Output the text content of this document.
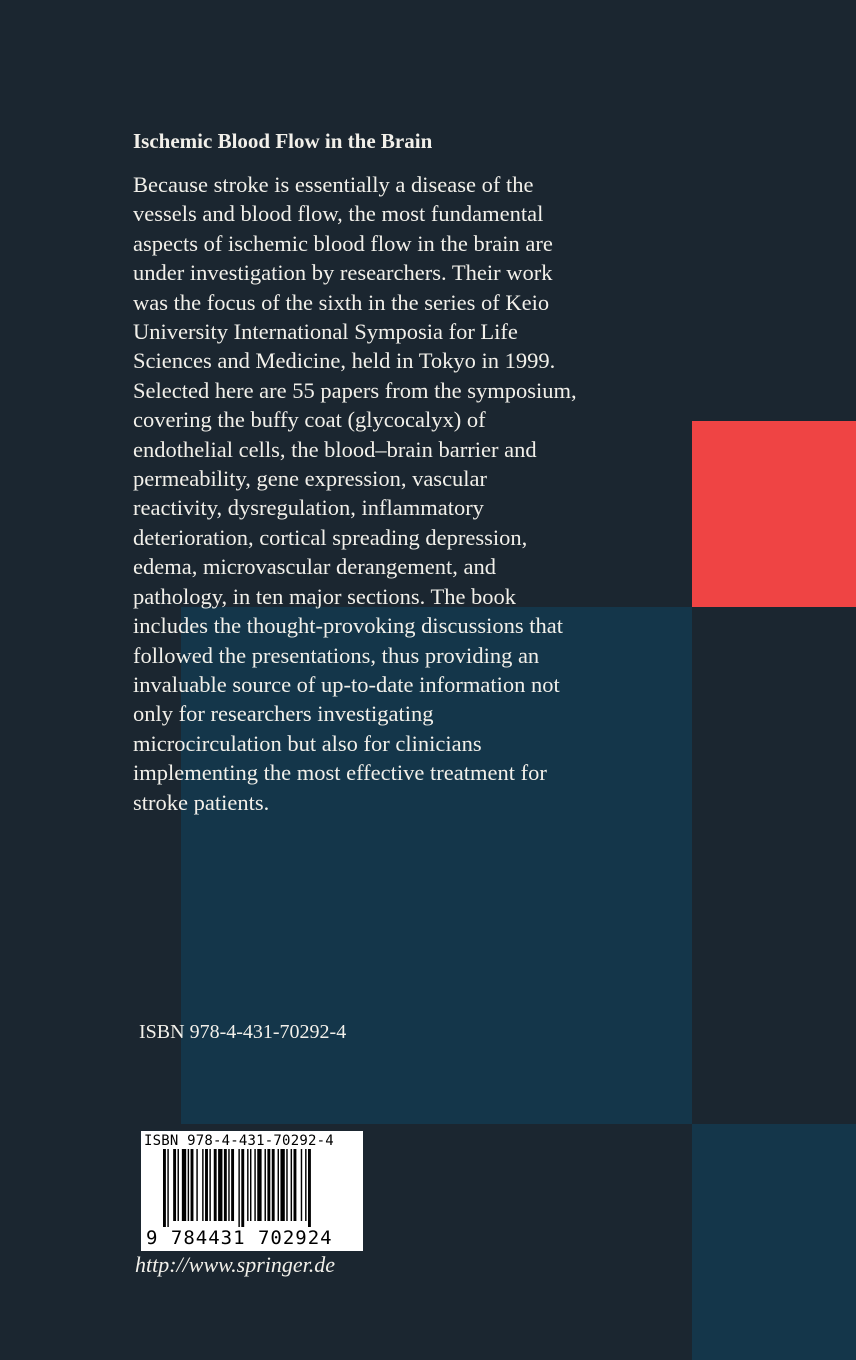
Ischemic Blood Flow in the Brain

Because stroke is essentially a disease of the
vessels and blood flow, the most fundamental
aspects of ischemic blood flow in the brain are
under investigation by researchers. Their work
was the focus of the sixth in the series of Keio
University International Symposia for Life
Sciences and Medicine, held in Tokyo in 1999.
Selected here are 55 papers from the symposium,
covering the buffy coat (glycocalyx) of
endothelial cells, the blood–brain barrier and
permeability, gene expression, vascular
reactivity, dysregulation, inflammatory
deterioration, cortical spreading depression,
edema, microvascular derangement, and
pathology, in ten major sections. The book
includes the thought-provoking discussions that
followed the presentations, thus providing an
invaluable source of up-to-date information not
only for researchers investigating
microcirculation but also for clinicians
implementing the most effective treatment for
stroke patients.

ISBN 978-4-431-70292-4
ISBN 978-4-431-70292-4
9 784431 702924
http://www.springer.de
